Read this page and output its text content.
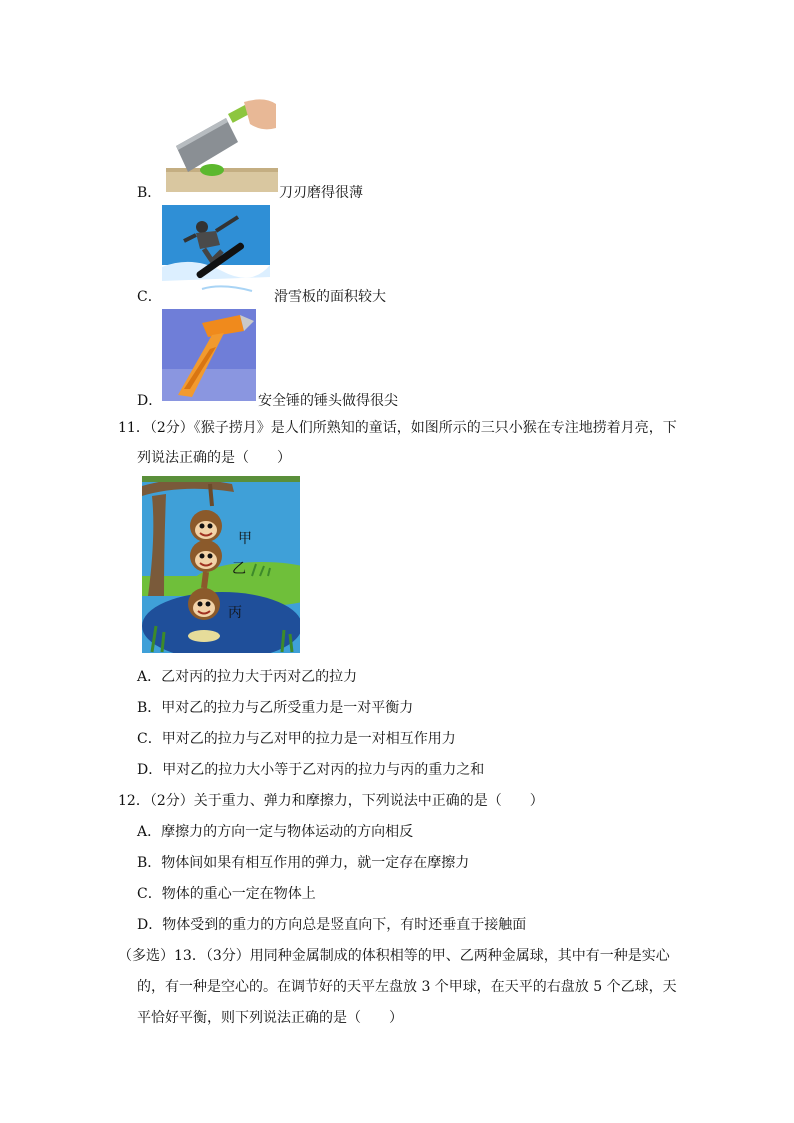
B．	刀刃磨得很薄
C．	滑雪板的面积较大
D．	安全锤的锤头做得很尖
11．（2分）《猴子捞月》是人们所熟知的童话，如图所示的三只小猴在专注地捞着月亮，下
列说法正确的是（　　）
甲
乙
丙
A．乙对丙的拉力大于丙对乙的拉力
B．甲对乙的拉力与乙所受重力是一对平衡力
C．甲对乙的拉力与乙对甲的拉力是一对相互作用力
D．甲对乙的拉力大小等于乙对丙的拉力与丙的重力之和
12．（2分）关于重力、弹力和摩擦力，下列说法中正确的是（　　）
A．摩擦力的方向一定与物体运动的方向相反
B．物体间如果有相互作用的弹力，就一定存在摩擦力
C．物体的重心一定在物体上
D．物体受到的重力的方向总是竖直向下，有时还垂直于接触面
（多选）13．（3分）用同种金属制成的体积相等的甲、乙两种金属球，其中有一种是实心
的，有一种是空心的。在调节好的天平左盘放 3 个甲球，在天平的右盘放 5 个乙球，天
平恰好平衡，则下列说法正确的是（　　）
